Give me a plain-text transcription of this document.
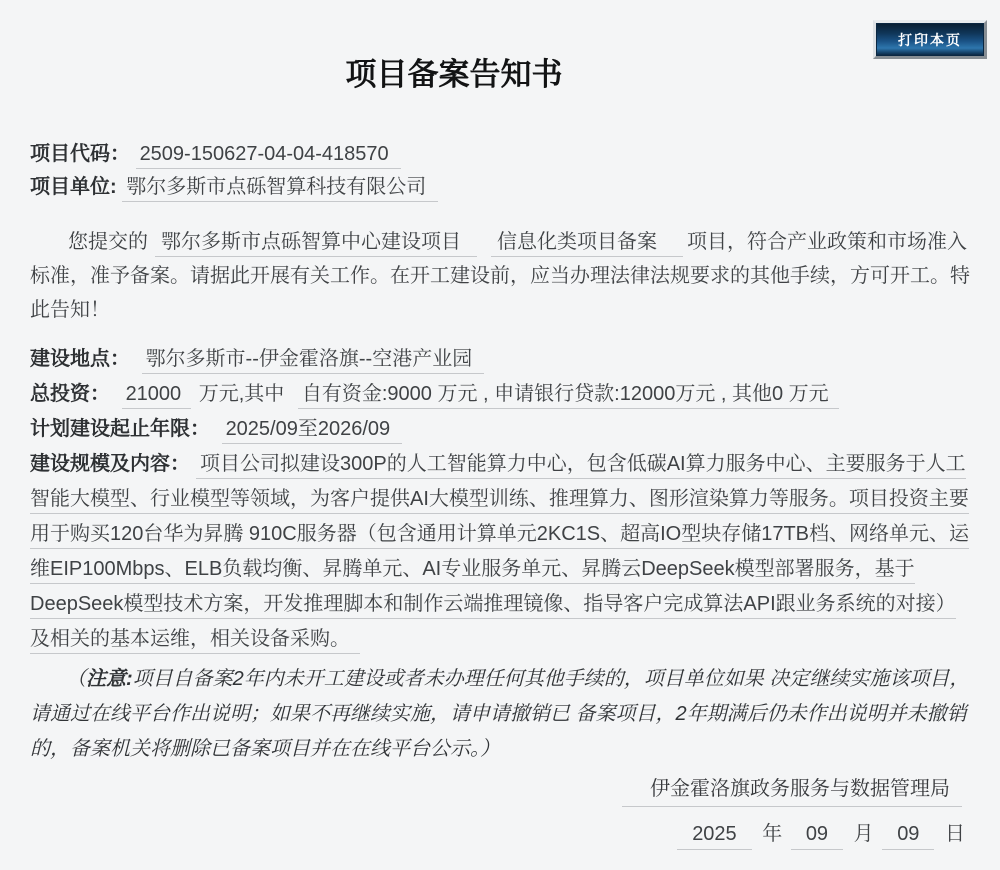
打印本页
项目备案告知书
项目代码： 2509-150627-04-04-418570
项目单位: 鄂尔多斯市点砾智算科技有限公司

您提交的 鄂尔多斯市点砾智算中心建设项目 信息化类项目备案 项目，符合产业政策和市场准入标准，准予备案。请据此开展有关工作。在开工建设前，应当办理法律法规要求的其他手续，方可开工。特此告知！

建设地点： 鄂尔多斯市--伊金霍洛旗--空港产业园
总投资： 21000 万元,其中 自有资金:9000 万元 , 申请银行贷款:12000万元 , 其他0 万元
计划建设起止年限： 2025/09至2026/09
建设规模及内容： 项目公司拟建设300P的人工智能算力中心，包含低碳AI算力服务中心、主要服务于人工智能大模型、行业模型等领域，为客户提供AI大模型训练、推理算力、图形渲染算力等服务。项目投资主要用于购买120台华为昇腾 910C服务器（包含通用计算单元2KC1S、超高IO型块存储17TB档、网络单元、运维EIP100Mbps、ELB负载均衡、昇腾单元、AI专业服务单元、昇腾云DeepSeek模型部署服务，基于DeepSeek模型技术方案，开发推理脚本和制作云端推理镜像、指导客户完成算法API跟业务系统的对接）及相关的基本运维，相关设备采购。

（注意:项目自备案2年内未开工建设或者未办理任何其他手续的，项目单位如果 决定继续实施该项目，请通过在线平台作出说明；如果不再继续实施，请申请撤销已 备案项目，2年期满后仍未作出说明并未撤销的，备案机关将删除已备案项目并在在线平台公示。）

伊金霍洛旗政务服务与数据管理局
2025 年 09 月 09 日
